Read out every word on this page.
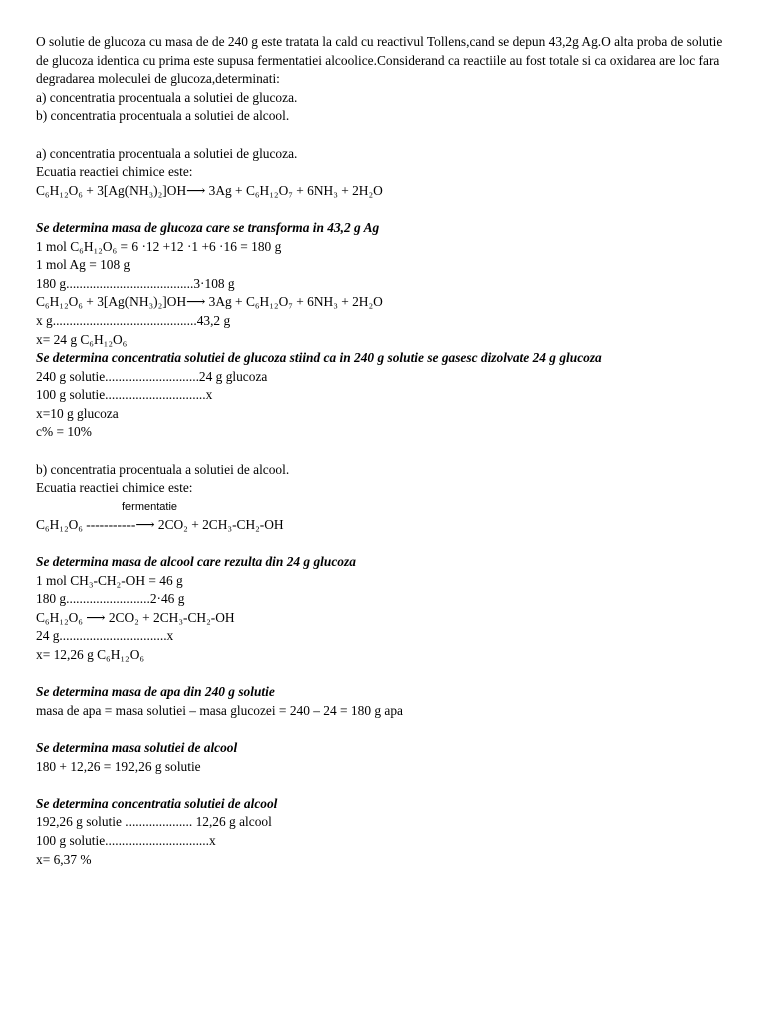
O solutie de glucoza cu masa de de 240 g este tratata la cald cu reactivul Tollens,cand se depun 43,2g Ag.O alta proba de solutie de glucoza identica cu prima este supusa fermentatiei alcoolice.Considerand ca reactiile au fost totale si ca oxidarea are loc fara degradarea moleculei de glucoza,determinati:
a) concentratia procentuala a solutiei de glucoza.
b) concentratia procentuala a solutiei de alcool.
a) concentratia procentuala a solutiei de glucoza.
Ecuatia reactiei chimice este:
C₆H₁₂O₆ + 3[Ag(NH₃)₂]OH⟶ 3Ag + C₆H₁₂O₇ + 6NH₃ + 2H₂O
Se determina masa de glucoza care se transforma in 43,2 g Ag
1 mol C₆H₁₂O₆ = 6 ·12 +12 ·1 +6 ·16 = 180 g
1 mol Ag = 108 g
180 g......................................3·108 g
C₆H₁₂O₆ + 3[Ag(NH₃)₂]OH⟶ 3Ag + C₆H₁₂O₇ + 6NH₃ + 2H₂O
x g...........................................43,2 g
x= 24 g C₆H₁₂O₆
Se determina concentratia solutiei de glucoza stiind ca in 240 g solutie se gasesc dizolvate 24 g glucoza
240 g solutie............................24 g glucoza
100 g solutie..............................x
x=10 g glucoza
c% = 10%
b) concentratia procentuala a solutiei de alcool.
Ecuatia reactiei chimice este:
fermentatie
C₆H₁₂O₆ -----------⟶ 2CO₂ + 2CH₃-CH₂-OH
Se determina masa de alcool care rezulta din 24 g glucoza
1 mol CH₃-CH₂-OH = 46 g
180 g.........................2·46 g
C₆H₁₂O₆ ⟶ 2CO₂ + 2CH₃-CH₂-OH
24 g................................x
x= 12,26 g C₆H₁₂O₆
Se determina masa de apa din 240 g solutie
masa de apa = masa solutiei – masa glucozei = 240 – 24 = 180 g apa
Se determina masa solutiei de alcool
180 + 12,26 = 192,26 g solutie
Se determina concentratia solutiei de alcool
192,26 g solutie .................... 12,26 g alcool
100 g solutie...............................x
x= 6,37 %
